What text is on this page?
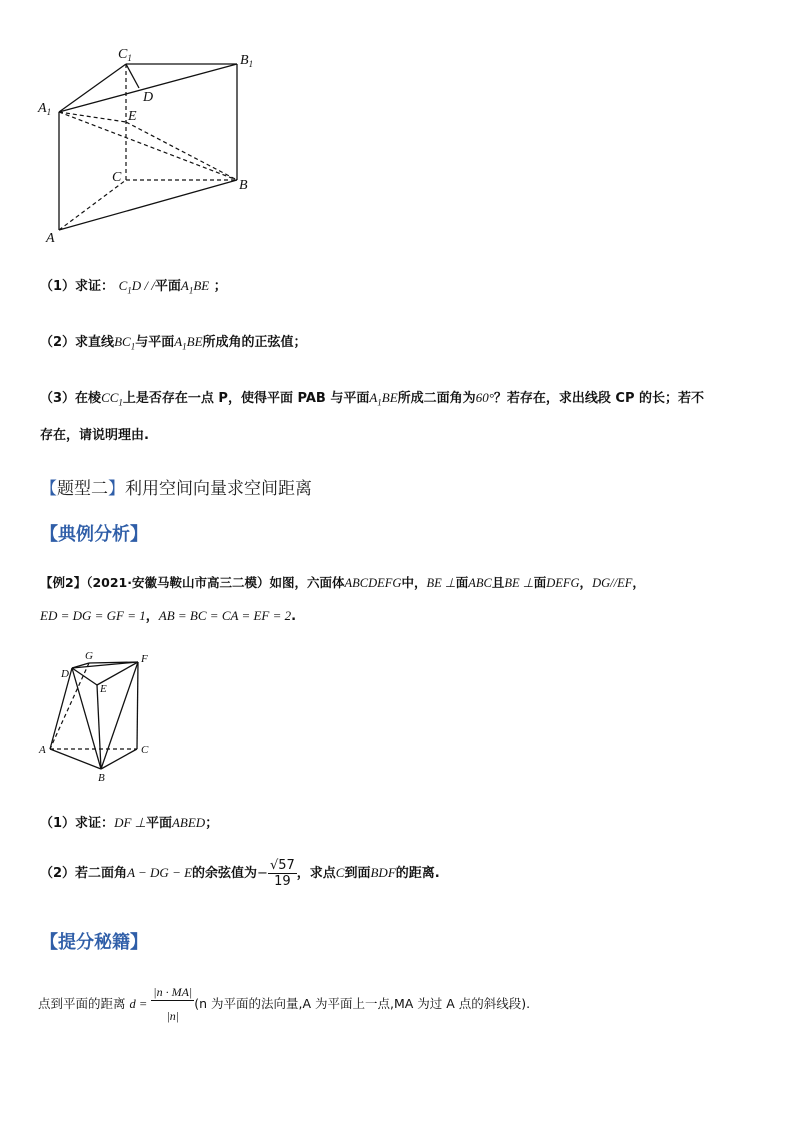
$C_1$	$B_1$
$A_1$
D
E
C
B
A
（1）求证： $C_1D$ / /平面$A_1BE$ ；
（2）求直线$BC_1$与平面$A_1BE$所成角的正弦值；
（3）在棱$CC_1$上是否存在一点 P，使得平面 PAB 与平面$A_1BE$所成二面角为60°？若存在，求出线段 CP 的长；若不
存在，请说明理由.
【题型二】利用空间向量求空间距离
【典例分析】
【例2】（2021·安徽马鞍山市高三二模）如图，六面体ABCDEFG中，BE ⊥面ABC且BE ⊥面DEFG，DG//EF，
ED = DG = GF = 1，AB = BC = CA = EF = 2.
G	F
D
E
A	C
B
（1）求证：DF ⊥平面ABED；
（2）若二面角A − DG − E的余弦值为− $\frac{√57}{19}$ ，求点C到面BDF的距离.
【提分秘籍】
点到平面的距离 $d = \frac{|n \cdot MA|}{|n|} (n$ 为平面的法向量,A 为平面上一点,MA 为过 A 点的斜线段).
